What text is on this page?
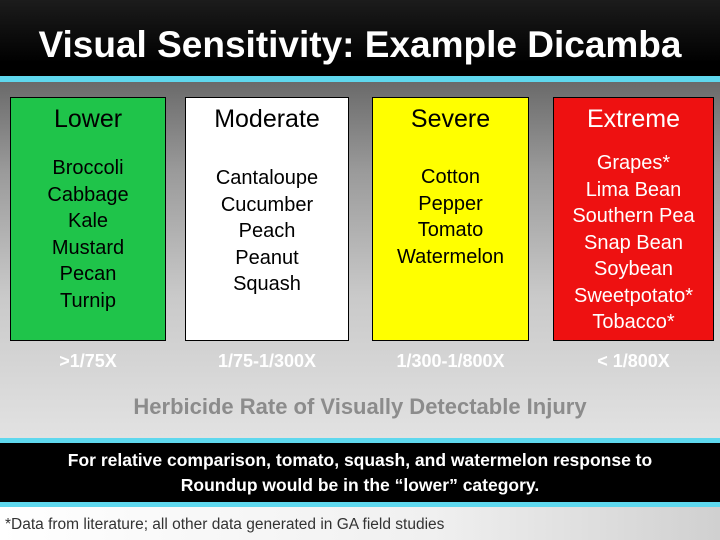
Visual Sensitivity: Example Dicamba
Lower
Broccoli
Cabbage
Kale
Mustard
Pecan
Turnip
Moderate
Cantaloupe
Cucumber
Peach
Peanut
Squash
Severe
Cotton
Pepper
Tomato
Watermelon
Extreme
Grapes*
Lima Bean
Southern Pea
Snap Bean
Soybean
Sweetpotato*
Tobacco*
>1/75X	1/75-1/300X	1/300-1/800X	< 1/800X
Herbicide Rate of Visually Detectable Injury
For relative comparison, tomato, squash, and watermelon response to
Roundup would be in the “lower” category.
*Data from literature; all other data generated in GA field studies
